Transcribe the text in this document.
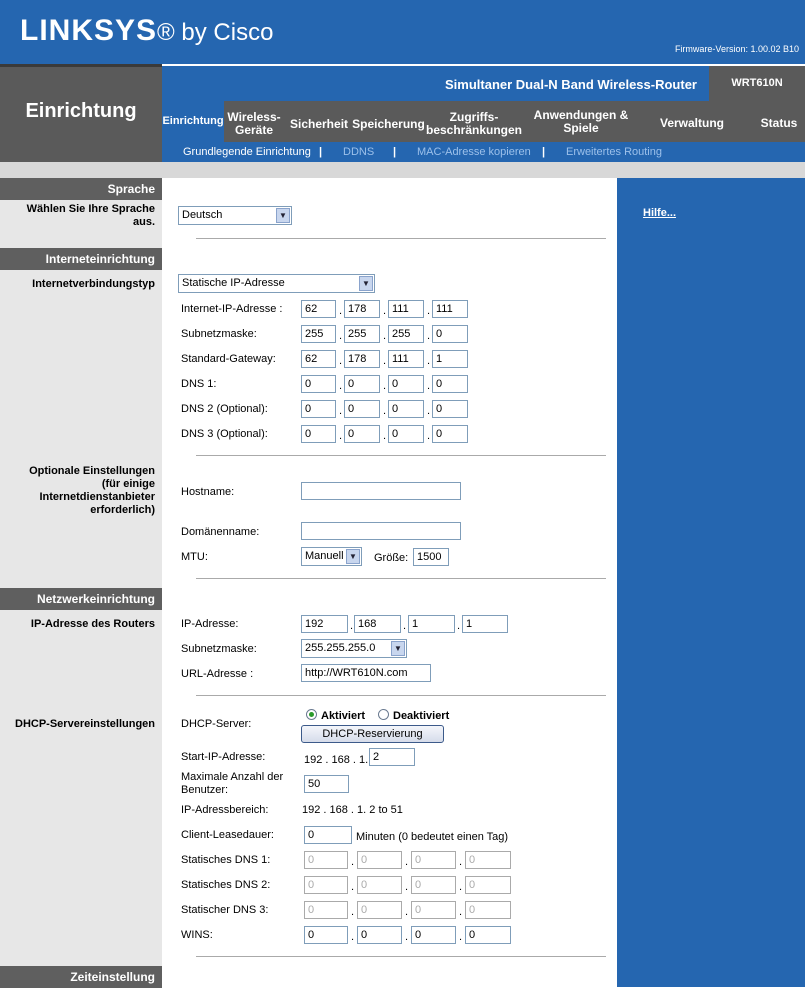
LINKSYS® by Cisco
Firmware-Version: 1.00.02 B10
Einrichtung
Simultaner Dual-N Band Wireless-Router	WRT610N
Einrichtung Wireless-
Geräte	Sicherheit Speicherung	Zugriffs-
beschränkungen
Anwendungen &
Spiele	Verwaltung	Status
Grundlegende Einrichtung | DDNS | MAC-Adresse kopieren | Erweitertes Routing
Sprache
Wählen Sie Ihre Sprache
aus.
Interneteinrichtung
Internetverbindungstyp
Optionale Einstellungen
(für einige
Internetdienstanbieter
erforderlich)
Netzwerkeinrichtung
IP-Adresse des Routers
DHCP-Servereinstellungen
Zeiteinstellung
Hilfe...
Deutsch	▼
Statische IP-Adresse	▼
Internet-IP-Adresse :	62	. 178	. 111	. 111
Subnetzmaske:	255	. 255	. 255	. 0
Standard-Gateway:	62	. 178	. 111	. 1
DNS 1:	0	. 0	. 0	. 0
DNS 2 (Optional):	0	. 0	. 0	. 0
DNS 3 (Optional):	0	. 0	. 0	. 0
Hostname:
Domänenname:
MTU:	Manuell ▼ Größe: 1500
IP-Adresse:	192	. 168	. 1	. 1
Subnetzmaske:	255.255.255.0	▼
URL-Adresse :	http://WRT610N.com
DHCP-Server:
Aktiviert	Deaktiviert
DHCP-Reservierung
Start-IP-Adresse:	192 . 168 . 1. 2
Maximale Anzahl der
Benutzer:	50
IP-Adressbereich:	192 . 168 . 1. 2 to 51
Client-Leasedauer:	0	Minuten (0 bedeutet einen Tag)
Statisches DNS 1:	0	. 0	. 0	. 0
Statisches DNS 2:	0	. 0	. 0	. 0
Statischer DNS 3:	0	. 0	. 0	. 0
WINS:	0	. 0	. 0	. 0
